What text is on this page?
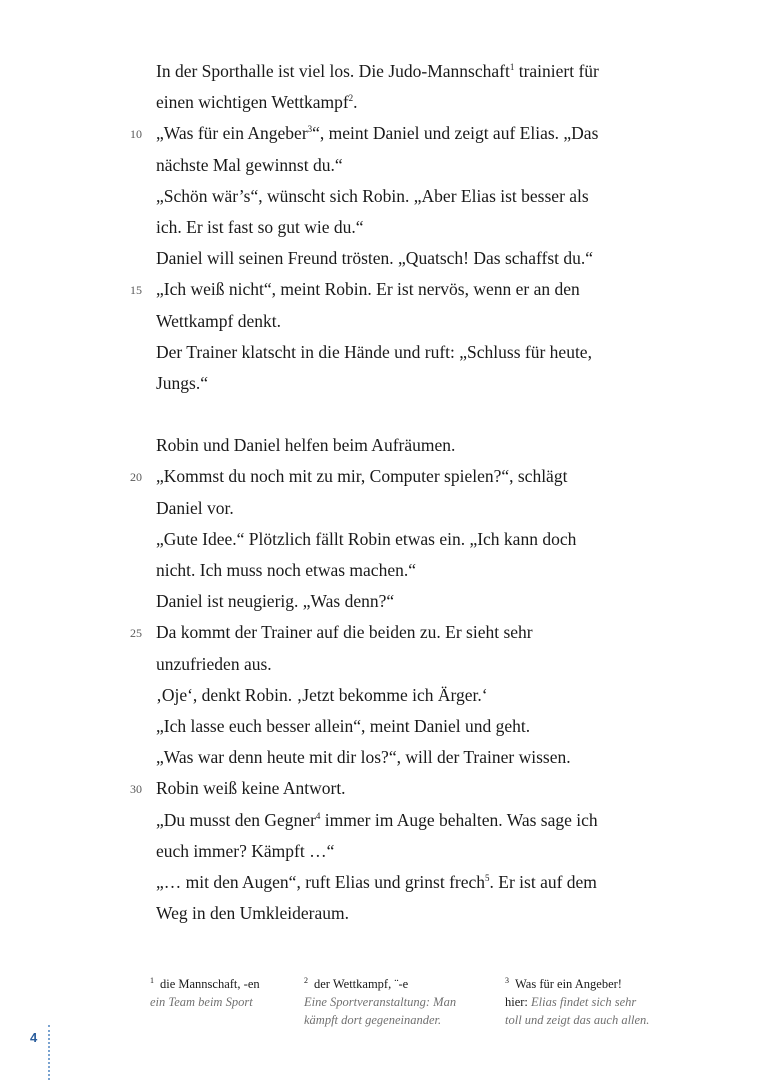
In der Sporthalle ist viel los. Die Judo-Mannschaft$^1$ trainiert für
einen wichtigen Wettkampf$^2$.
10 „Was für ein Angeber$^3$“, meint Daniel und zeigt auf Elias. „Das
nächste Mal gewinnst du.“
„Schön wär’s“, wünscht sich Robin. „Aber Elias ist besser als
ich. Er ist fast so gut wie du.“
Daniel will seinen Freund trösten. „Quatsch! Das schaffst du.“
15 „Ich weiß nicht“, meint Robin. Er ist nervös, wenn er an den
Wettkampf denkt.
Der Trainer klatscht in die Hände und ruft: „Schluss für heute,
Jungs.“
Robin und Daniel helfen beim Aufräumen.
20 „Kommst du noch mit zu mir, Computer spielen?“, schlägt
Daniel vor.
„Gute Idee.“ Plötzlich fällt Robin etwas ein. „Ich kann doch
nicht. Ich muss noch etwas machen.“
Daniel ist neugierig. „Was denn?“
25 Da kommt der Trainer auf die beiden zu. Er sieht sehr
unzufrieden aus.
‚Oje‘, denkt Robin. ‚Jetzt bekomme ich Ärger.‘
„Ich lasse euch besser allein“, meint Daniel und geht.
„Was war denn heute mit dir los?“, will der Trainer wissen.
30 Robin weiß keine Antwort.
„Du musst den Gegner$^4$ immer im Auge behalten. Was sage ich
euch immer? Kämpft …“
„… mit den Augen“, ruft Elias und grinst frech$^5$. Er ist auf dem
Weg in den Umkleideraum.
$^1$ die Mannschaft, -en
ein Team beim Sport
$^2$ der Wettkampf, ¨-e
Eine Sportveranstaltung: Man
kämpft dort gegeneinander.
$^3$ Was für ein Angeber!
hier: Elias findet sich sehr
toll und zeigt das auch allen.
4
